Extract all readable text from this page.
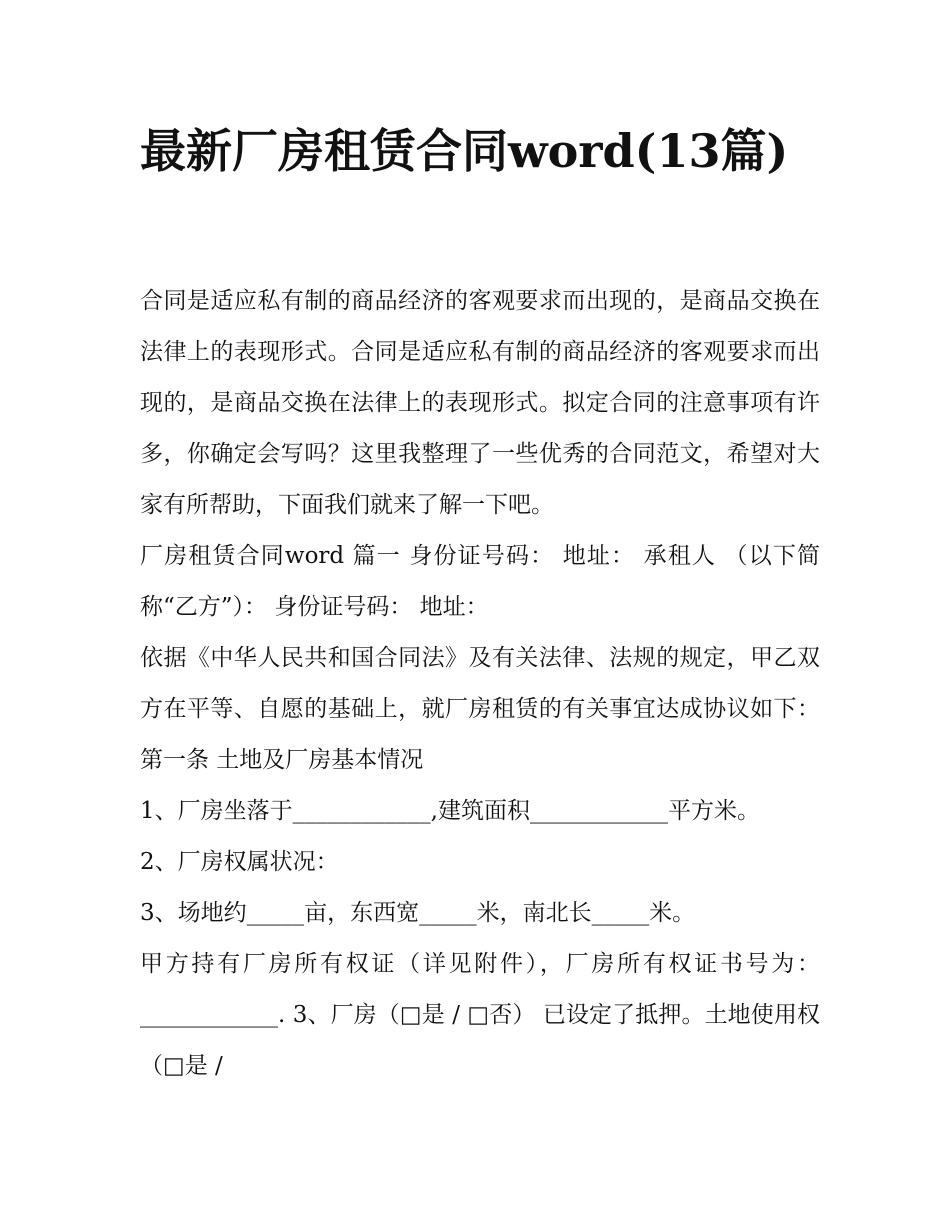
最新厂房租赁合同word(13篇)

合同是适应私有制的商品经济的客观要求而出现的，是商品交换在法律上的表现形式。合同是适应私有制的商品经济的客观要求而出现的，是商品交换在法律上的表现形式。拟定合同的注意事项有许多，你确定会写吗？这里我整理了一些优秀的合同范文，希望对大家有所帮助，下面我们就来了解一下吧。

厂房租赁合同word 篇一 身份证号码： 地址： 承租人 （以下简称“乙方”）： 身份证号码： 地址：

依据《中华人民共和国合同法》及有关法律、法规的规定，甲乙双方在平等、自愿的基础上，就厂房租赁的有关事宜达成协议如下： 第一条 土地及厂房基本情况

1、厂房坐落于____________,建筑面积____________平方米。

2、厂房权属状况：

3、场地约_____亩，东西宽_____米，南北长_____米。

甲方持有厂房所有权证（详见附件），厂房所有权证书号为：____________. 3、厂房（□是 / □否） 已设定了抵押。土地使用权（□是 /
